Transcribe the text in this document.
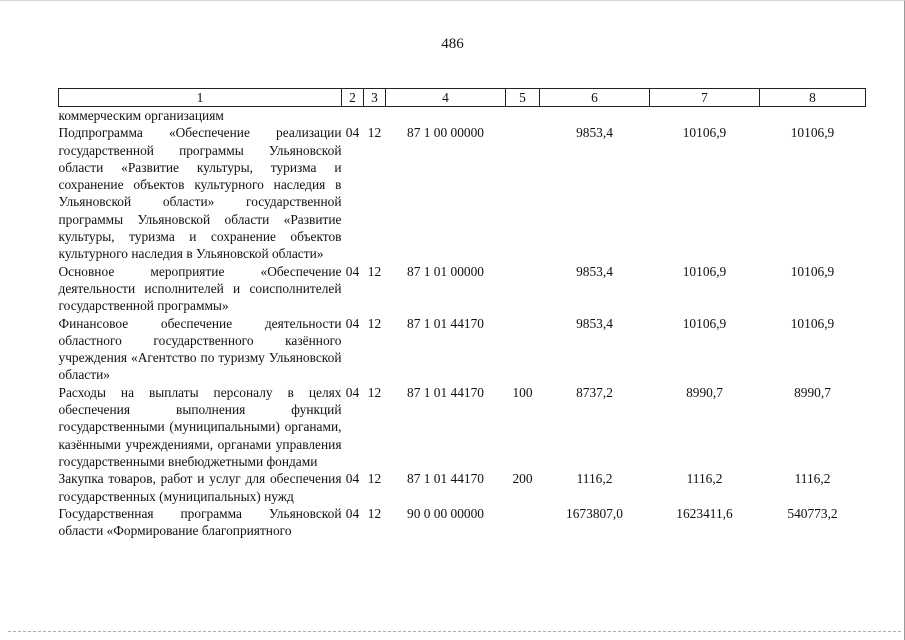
486
1	2	3	4	5	6	7	8
коммерческим организациям							
Подпрограмма «Обеспечение реализации государственной программы Ульяновской области «Развитие культуры, туризма и сохранение объектов культурного наследия в Ульяновской области» государственной программы Ульяновской области «Развитие культуры, туризма и сохранение объектов культурного наследия в Ульяновской области»	04	12	87 1 00 00000		9853,4	10106,9	10106,9
Основное мероприятие «Обеспечение деятельности исполнителей и соисполнителей государственной программы»	04	12	87 1 01 00000		9853,4	10106,9	10106,9
Финансовое обеспечение деятельности областного государственного казённого учреждения «Агентство по туризму Ульяновской области»	04	12	87 1 01 44170		9853,4	10106,9	10106,9
Расходы на выплаты персоналу в целях обеспечения выполнения функций государственными (муниципальными) органами, казёнными учреждениями, органами управления государственными внебюджетными фондами	04	12	87 1 01 44170	100	8737,2	8990,7	8990,7
Закупка товаров, работ и услуг для обеспечения государственных (муниципальных) нужд	04	12	87 1 01 44170	200	1116,2	1116,2	1116,2
Государственная программа Ульяновской области «Формирование благоприятного	04	12	90 0 00 00000		1673807,0	1623411,6	540773,2
